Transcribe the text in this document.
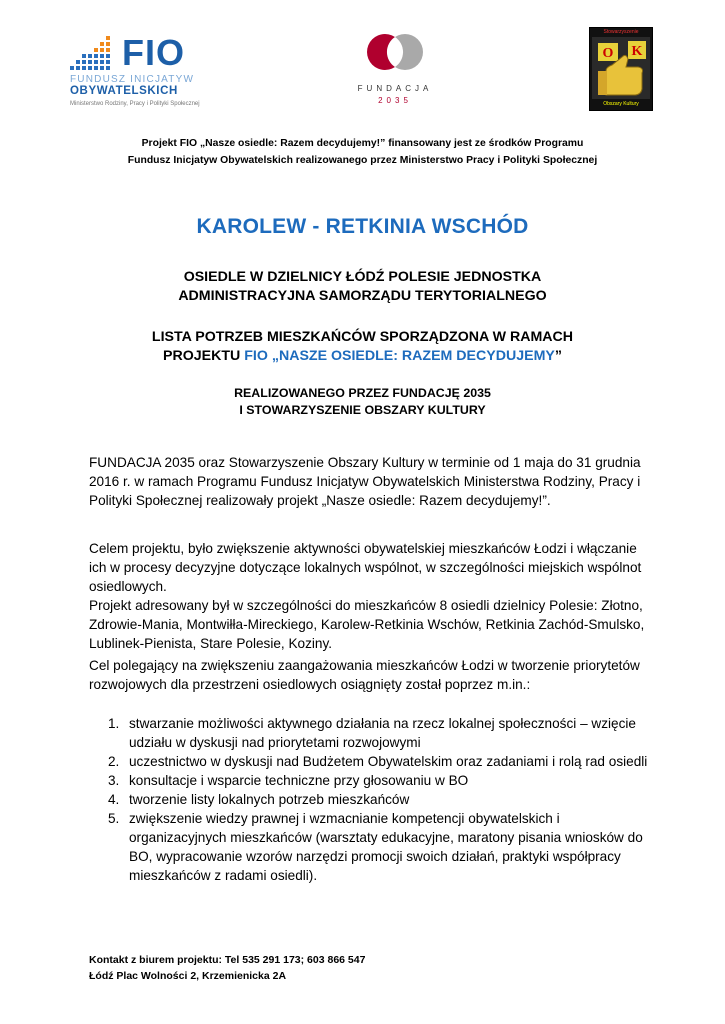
FIO
FUNDUSZ INICJATYW
OBYWATELSKICH
Ministerstwo Rodziny, Pracy i Polityki Społecznej
FUNDACJA
2035
Stowarzyszenie
K
O
Obszary Kultury
Projekt FIO „Nasze osiedle: Razem decydujemy!” finansowany jest ze środków Programu
Fundusz Inicjatyw Obywatelskich realizowanego przez Ministerstwo Pracy i Polityki Społecznej
KAROLEW - RETKINIA WSCHÓD
OSIEDLE W DZIELNICY ŁÓDŹ POLESIE JEDNOSTKA
ADMINISTRACYJNA SAMORZĄDU TERYTORIALNEGO
LISTA POTRZEB MIESZKAŃCÓW SPORZĄDZONA W RAMACH
PROJEKTU FIO „NASZE OSIEDLE: RAZEM DECYDUJEMY”
REALIZOWANEGO PRZEZ FUNDACJĘ 2035
I STOWARZYSZENIE OBSZARY KULTURY
FUNDACJA 2035 oraz Stowarzyszenie Obszary Kultury w terminie od 1 maja do 31 grudnia 2016 r. w ramach Programu Fundusz Inicjatyw Obywatelskich Ministerstwa Rodziny, Pracy i Polityki Społecznej realizowały projekt „Nasze osiedle: Razem decydujemy!”.
Celem projektu, było zwiększenie aktywności obywatelskiej mieszkańców Łodzi i włączanie ich w procesy decyzyjne dotyczące lokalnych wspólnot, w szczególności miejskich wspólnot osiedlowych.
Projekt adresowany był w szczególności do mieszkańców 8 osiedli dzielnicy Polesie: Złotno, Zdrowie-Mania, Montwiłła-Mireckiego, Karolew-Retkinia Wschów, Retkinia Zachód-Smulsko, Lublinek-Pienista, Stare Polesie, Koziny.
Cel polegający na zwiększeniu zaangażowania mieszkańców Łodzi w tworzenie priorytetów rozwojowych dla przestrzeni osiedlowych osiągnięty został poprzez m.in.:
1. stwarzanie możliwości aktywnego działania na rzecz lokalnej społeczności – wzięcie udziału w dyskusji nad priorytetami rozwojowymi
2. uczestnictwo w dyskusji nad Budżetem Obywatelskim oraz zadaniami i rolą rad osiedli
3. konsultacje i wsparcie techniczne przy głosowaniu w BO
4. tworzenie listy lokalnych potrzeb mieszkańców
5. zwiększenie wiedzy prawnej i wzmacnianie kompetencji obywatelskich i organizacyjnych mieszkańców (warsztaty edukacyjne, maratony pisania wniosków do BO, wypracowanie wzorów narzędzi promocji swoich działań, praktyki współpracy mieszkańców z radami osiedli).
Kontakt z biurem projektu: Tel 535 291 173; 603 866 547
Łódź Plac Wolności 2, Krzemienicka 2A
